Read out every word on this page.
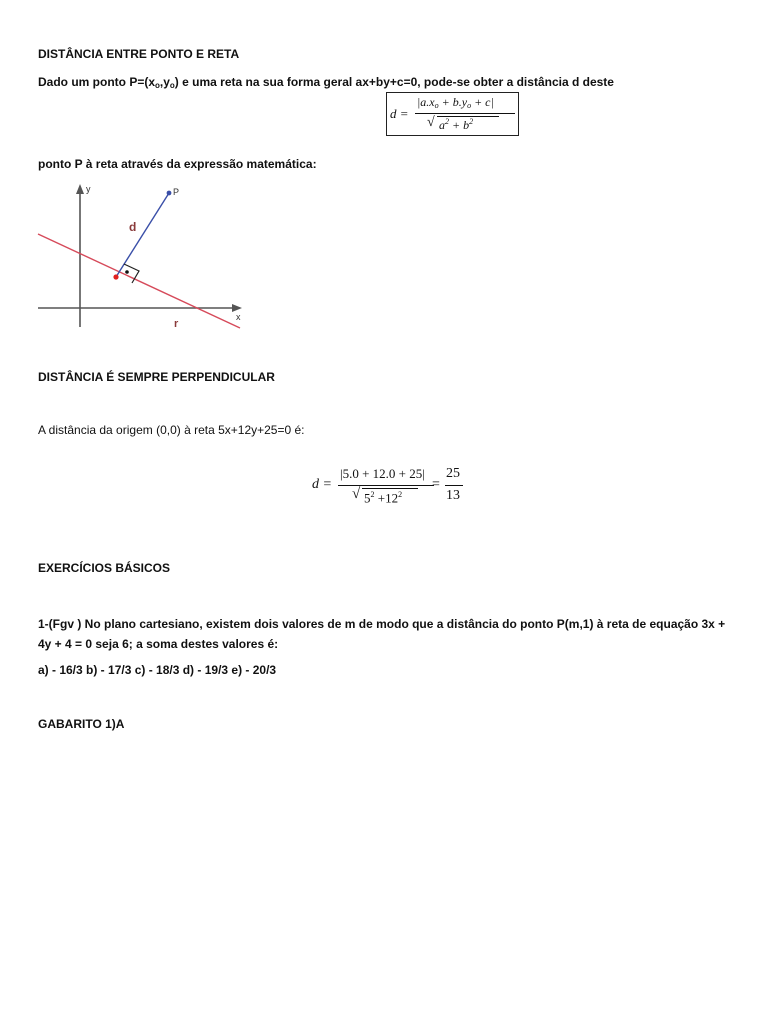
DISTÂNCIA ENTRE PONTO E RETA
Dado um ponto $P=(x_o,y_o)$ e uma reta na sua forma geral ax+by+c=0, pode-se obter a distância d deste
d =
$|a.x_o + b.y_o + c|$
√ $a^2 + b^2$
ponto P à reta através da expressão matemática:
y
x
P
d
r
DISTÂNCIA É SEMPRE PERPENDICULAR
A distância da origem (0,0) à reta 5x+12y+25=0 é:
d =
|5.0 + 12.0 + 25|
√ $5^2 +12^2$
=
25
13
EXERCÍCIOS BÁSICOS
1-(Fgv ) No plano cartesiano, existem dois valores de m de modo que a distância do ponto P(m,1) à reta de equação 3x + 4y + 4 = 0 seja 6; a soma destes valores é:
a) - 16/3 b) - 17/3 c) - 18/3 d) - 19/3 e) - 20/3
GABARITO 1)A
